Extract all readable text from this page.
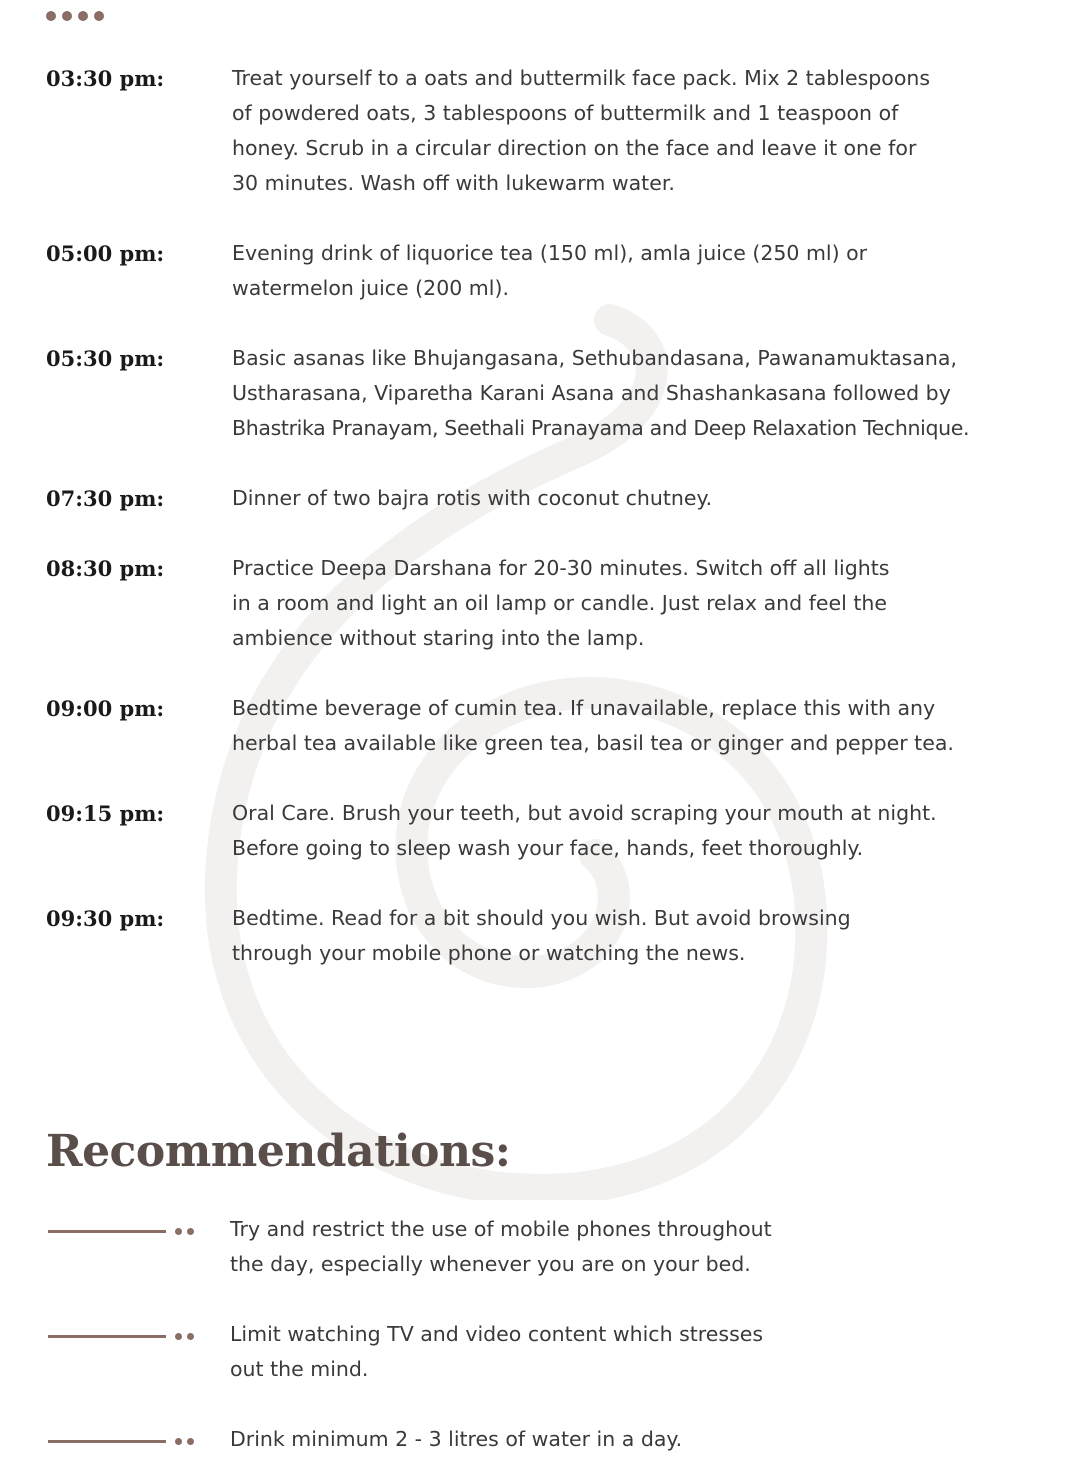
03:30 pm:	Treat yourself to a oats and buttermilk face pack. Mix 2 tablespoons
of powdered oats, 3 tablespoons of buttermilk and 1 teaspoon of
honey. Scrub in a circular direction on the face and leave it one for
30 minutes. Wash off with lukewarm water.
05:00 pm:	Evening drink of liquorice tea (150 ml), amla juice (250 ml) or
watermelon juice (200 ml).
05:30 pm:	Basic asanas like Bhujangasana, Sethubandasana, Pawanamuktasana,
Ustharasana, Viparetha Karani Asana and Shashankasana followed by
Bhastrika Pranayam, Seethali Pranayama and Deep Relaxation Technique.
07:30 pm:	Dinner of two bajra rotis with coconut chutney.
08:30 pm:	Practice Deepa Darshana for 20-30 minutes. Switch off all lights
in a room and light an oil lamp or candle. Just relax and feel the
ambience without staring into the lamp.
09:00 pm:	Bedtime beverage of cumin tea. If unavailable, replace this with any
herbal tea available like green tea, basil tea or ginger and pepper tea.
09:15 pm:	Oral Care. Brush your teeth, but avoid scraping your mouth at night.
Before going to sleep wash your face, hands, feet thoroughly.
09:30 pm:	Bedtime. Read for a bit should you wish. But avoid browsing
through your mobile phone or watching the news.
Recommendations:
Try and restrict the use of mobile phones throughout
the day, especially whenever you are on your bed.
Limit watching TV and video content which stresses
out the mind.
Drink minimum 2 - 3 litres of water in a day.
